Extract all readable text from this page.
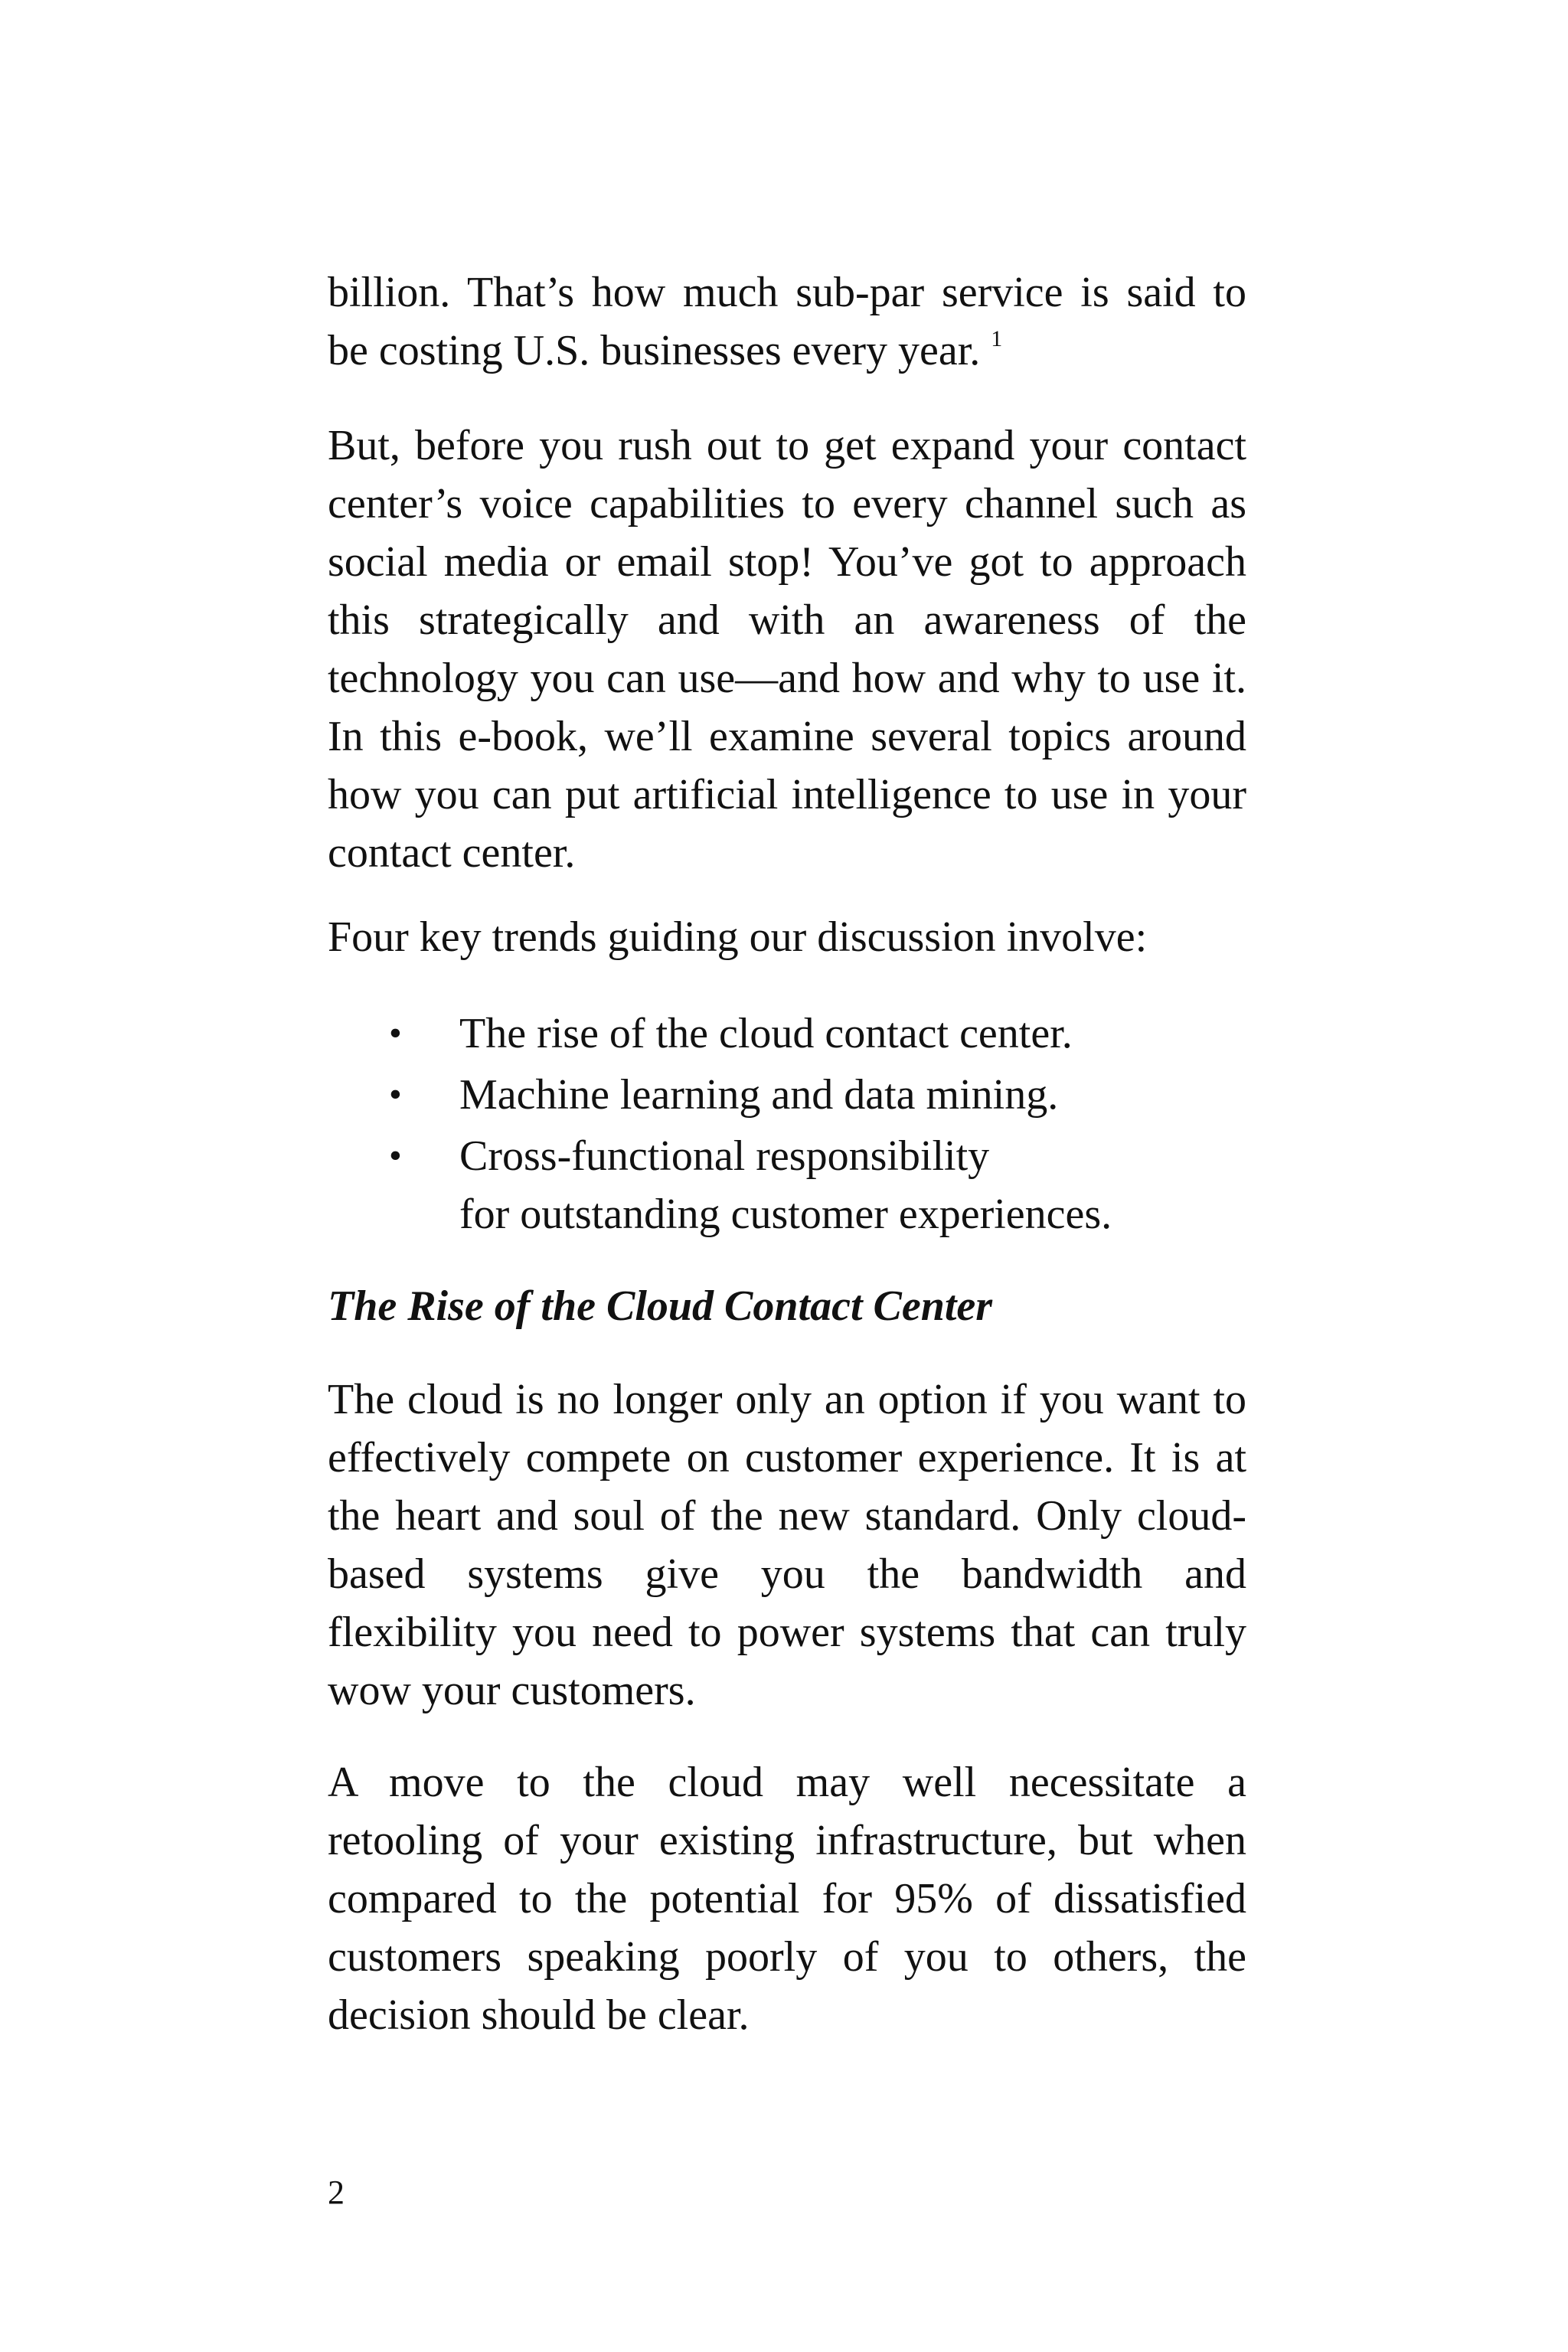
billion. That’s how much sub-par service is said to
be costing U.S. businesses every year. $^1$
But, before you rush out to get expand your contact
center’s voice capabilities to every channel such as
social media or email stop! You’ve got to approach
this strategically and with an awareness of the
technology you can use—and how and why to use it.
In this e-book, we’ll examine several topics around
how you can put artificial intelligence to use in your
contact center.
Four key trends guiding our discussion involve:
• The rise of the cloud contact center.
• Machine learning and data mining.
• Cross-functional responsibility
for outstanding customer experiences.
The Rise of the Cloud Contact Center
The cloud is no longer only an option if you want to
effectively compete on customer experience. It is at
the heart and soul of the new standard. Only cloud-
based systems give you the bandwidth and
flexibility you need to power systems that can truly
wow your customers.
A move to the cloud may well necessitate a
retooling of your existing infrastructure, but when
compared to the potential for 95% of dissatisfied
customers speaking poorly of you to others, the
decision should be clear.
2
